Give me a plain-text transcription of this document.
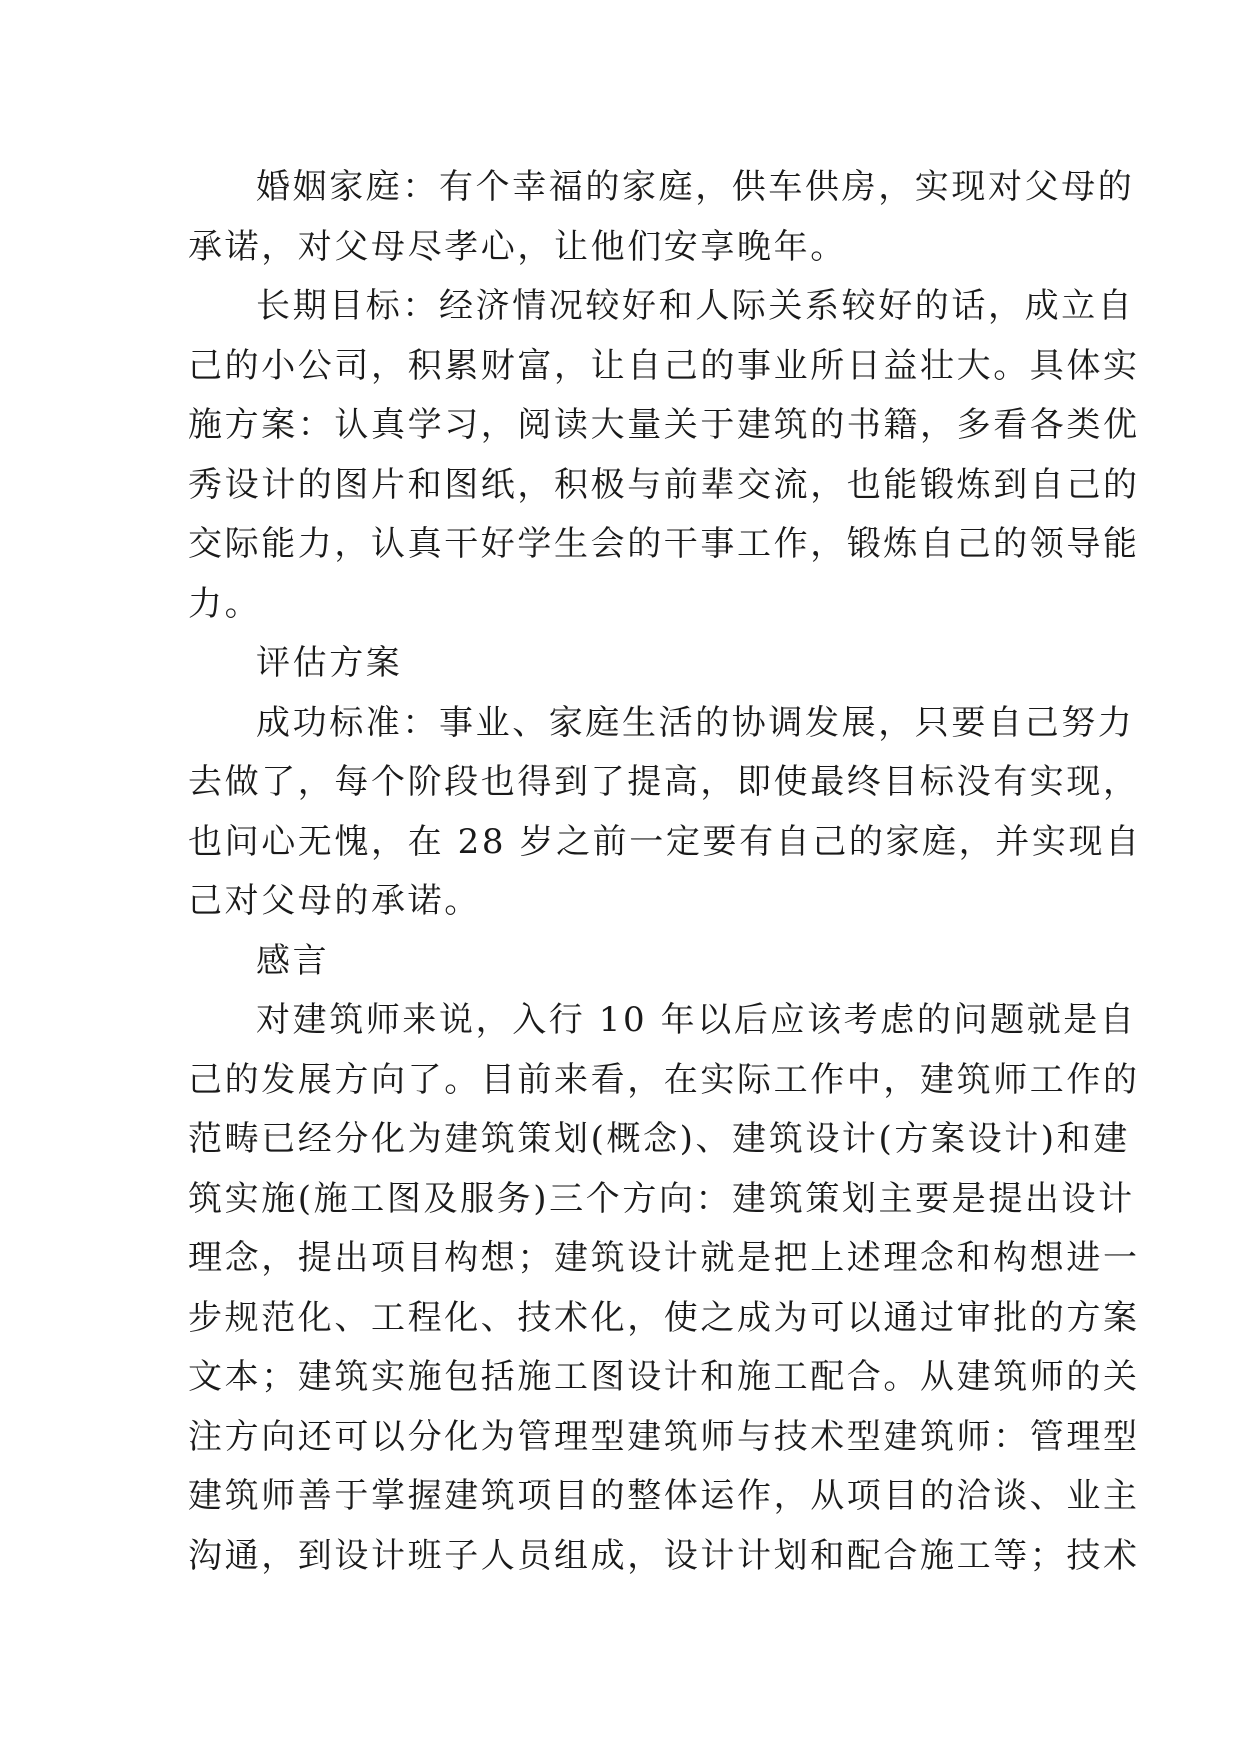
婚姻家庭：有个幸福的家庭，供车供房，实现对父母的
承诺，对父母尽孝心，让他们安享晚年。
长期目标：经济情况较好和人际关系较好的话，成立自
己的小公司，积累财富，让自己的事业所日益壮大。具体实
施方案：认真学习，阅读大量关于建筑的书籍，多看各类优
秀设计的图片和图纸，积极与前辈交流，也能锻炼到自己的
交际能力，认真干好学生会的干事工作，锻炼自己的领导能
力。
评估方案
成功标准：事业、家庭生活的协调发展，只要自己努力
去做了，每个阶段也得到了提高，即使最终目标没有实现，
也问心无愧，在 28 岁之前一定要有自己的家庭，并实现自
己对父母的承诺。
感言
对建筑师来说，入行 10 年以后应该考虑的问题就是自
己的发展方向了。目前来看，在实际工作中，建筑师工作的
范畴已经分化为建筑策划(概念)、建筑设计(方案设计)和建
筑实施(施工图及服务)三个方向：建筑策划主要是提出设计
理念，提出项目构想；建筑设计就是把上述理念和构想进一
步规范化、工程化、技术化，使之成为可以通过审批的方案
文本；建筑实施包括施工图设计和施工配合。从建筑师的关
注方向还可以分化为管理型建筑师与技术型建筑师：管理型
建筑师善于掌握建筑项目的整体运作，从项目的洽谈、业主
沟通，到设计班子人员组成，设计计划和配合施工等；技术
